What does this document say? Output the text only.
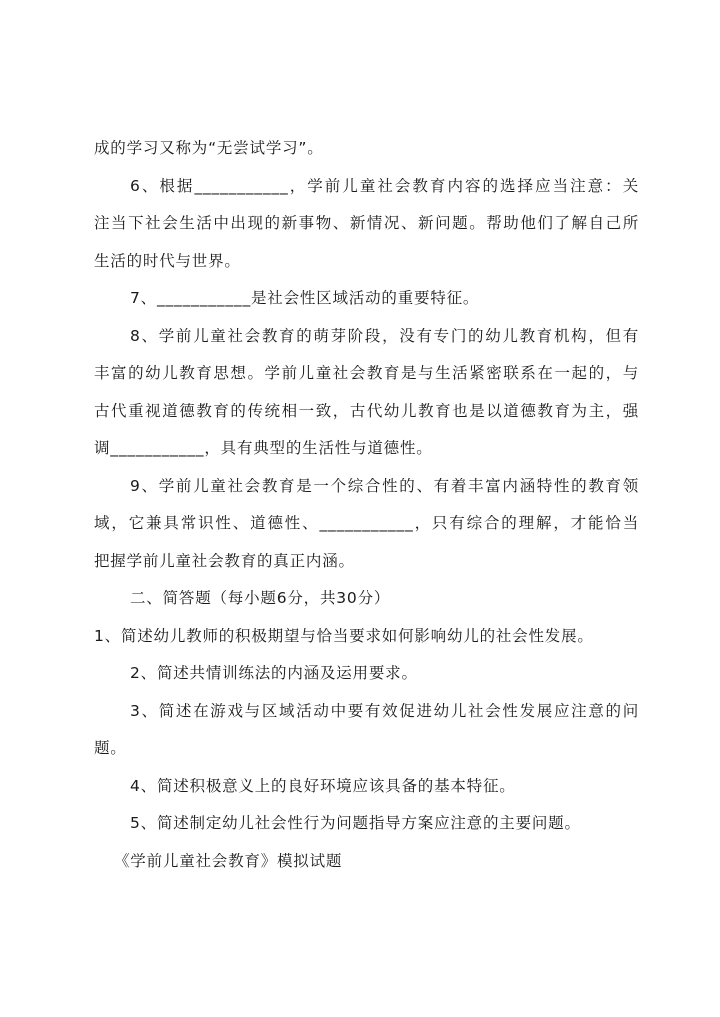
成的学习又称为“无尝试学习”。
6、根据___________，学前儿童社会教育内容的选择应当注意：关
注当下社会生活中出现的新事物、新情况、新问题。帮助他们了解自己所
生活的时代与世界。
7、___________是社会性区域活动的重要特征。
8、学前儿童社会教育的萌芽阶段，没有专门的幼儿教育机构，但有
丰富的幼儿教育思想。学前儿童社会教育是与生活紧密联系在一起的，与
古代重视道德教育的传统相一致，古代幼儿教育也是以道德教育为主，强
调___________，具有典型的生活性与道德性。
9、学前儿童社会教育是一个综合性的、有着丰富内涵特性的教育领
域，它兼具常识性、道德性、___________，只有综合的理解，才能恰当
把握学前儿童社会教育的真正内涵。
二、简答题（每小题6分，共30分）
1、简述幼儿教师的积极期望与恰当要求如何影响幼儿的社会性发展。
2、简述共情训练法的内涵及运用要求。
3、简述在游戏与区域活动中要有效促进幼儿社会性发展应注意的问
题。
4、简述积极意义上的良好环境应该具备的基本特征。
5、简述制定幼儿社会性行为问题指导方案应注意的主要问题。
《学前儿童社会教育》模拟试题
